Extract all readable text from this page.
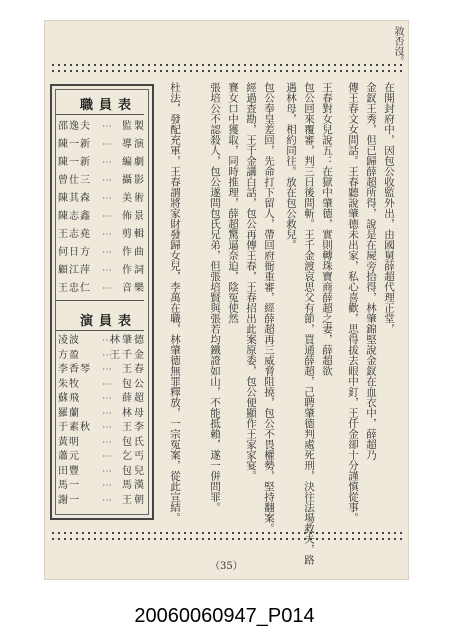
敘否沒。
在開封府中，因包公收監外出，由國舅薛超代理正堂，
金釵王秀，但已歸薛超所得，說是在屍旁拾得，林肇錦堅說金釵在血衣中，薛超乃
傳王春文女問話。王春聽說肇德未出家，私心喜歡，思得拔去眼中釘，王仟金卻十分謹慎從事。
王春對女兒說五：在獄中肇德，實則轉珠寶商薛超之妻，薛超欲
包公回來覆審，判三日後問斬。王千金渡哀思父有節，買通薛超，己聘肇德判處死刑，決往法場救夫，路
遇林母，相約同往。放在包公救兒。
包公奉皇差回，先命打下留人，帶回府衙重審，經薛超再三威脅阻撓，包公不畏權勢，堅持翻案。
經過查勘，王千金講白話，包公再傳王春，王春招出此案原委，包公便顯作王家家宴。
賽女口中獲取，同時推理，薛超驚逼奈迫，陰冤使然
張培公不認殺人，包公遂問包氏兄弟，但張培賢與張若均鐵證如山，不能抵賴，遂一併問罪。
杜法，發配充軍，王春謂將家財發歸女兒，李萬在職，林肇德無罪釋放，一宗冤案，從此宣結。
職員表
邵逸夫 ⋯ 監製
陳一新 ⋯ 導演
陳一新 ⋯ 編劇
曾仕三 ⋯ 攝影
陳其森 ⋯ 美術
陳志鑫 ⋯ 佈景
王志堯 ⋯ 剪輯
何日方 ⋯ 作曲
顧江萍 ⋯ 作詞
王忠仁 ⋯ 音樂
演員表
凌波 ⋯
林肇德
方盈 ⋯
王千金
李香琴 ⋯ 王春
朱牧 ⋯ 包公
蘇飛 ⋯ 薛超
羅蘭 ⋯ 林母
于素秋 ⋯ 王李
黃明 ⋯ 包氏
蕭元 ⋯ 乞丐
田豐 ⋯ 包兒
馬一 ⋯ 馬漢
謝一 ⋯ 王朝
（35）
20060060947_P014
